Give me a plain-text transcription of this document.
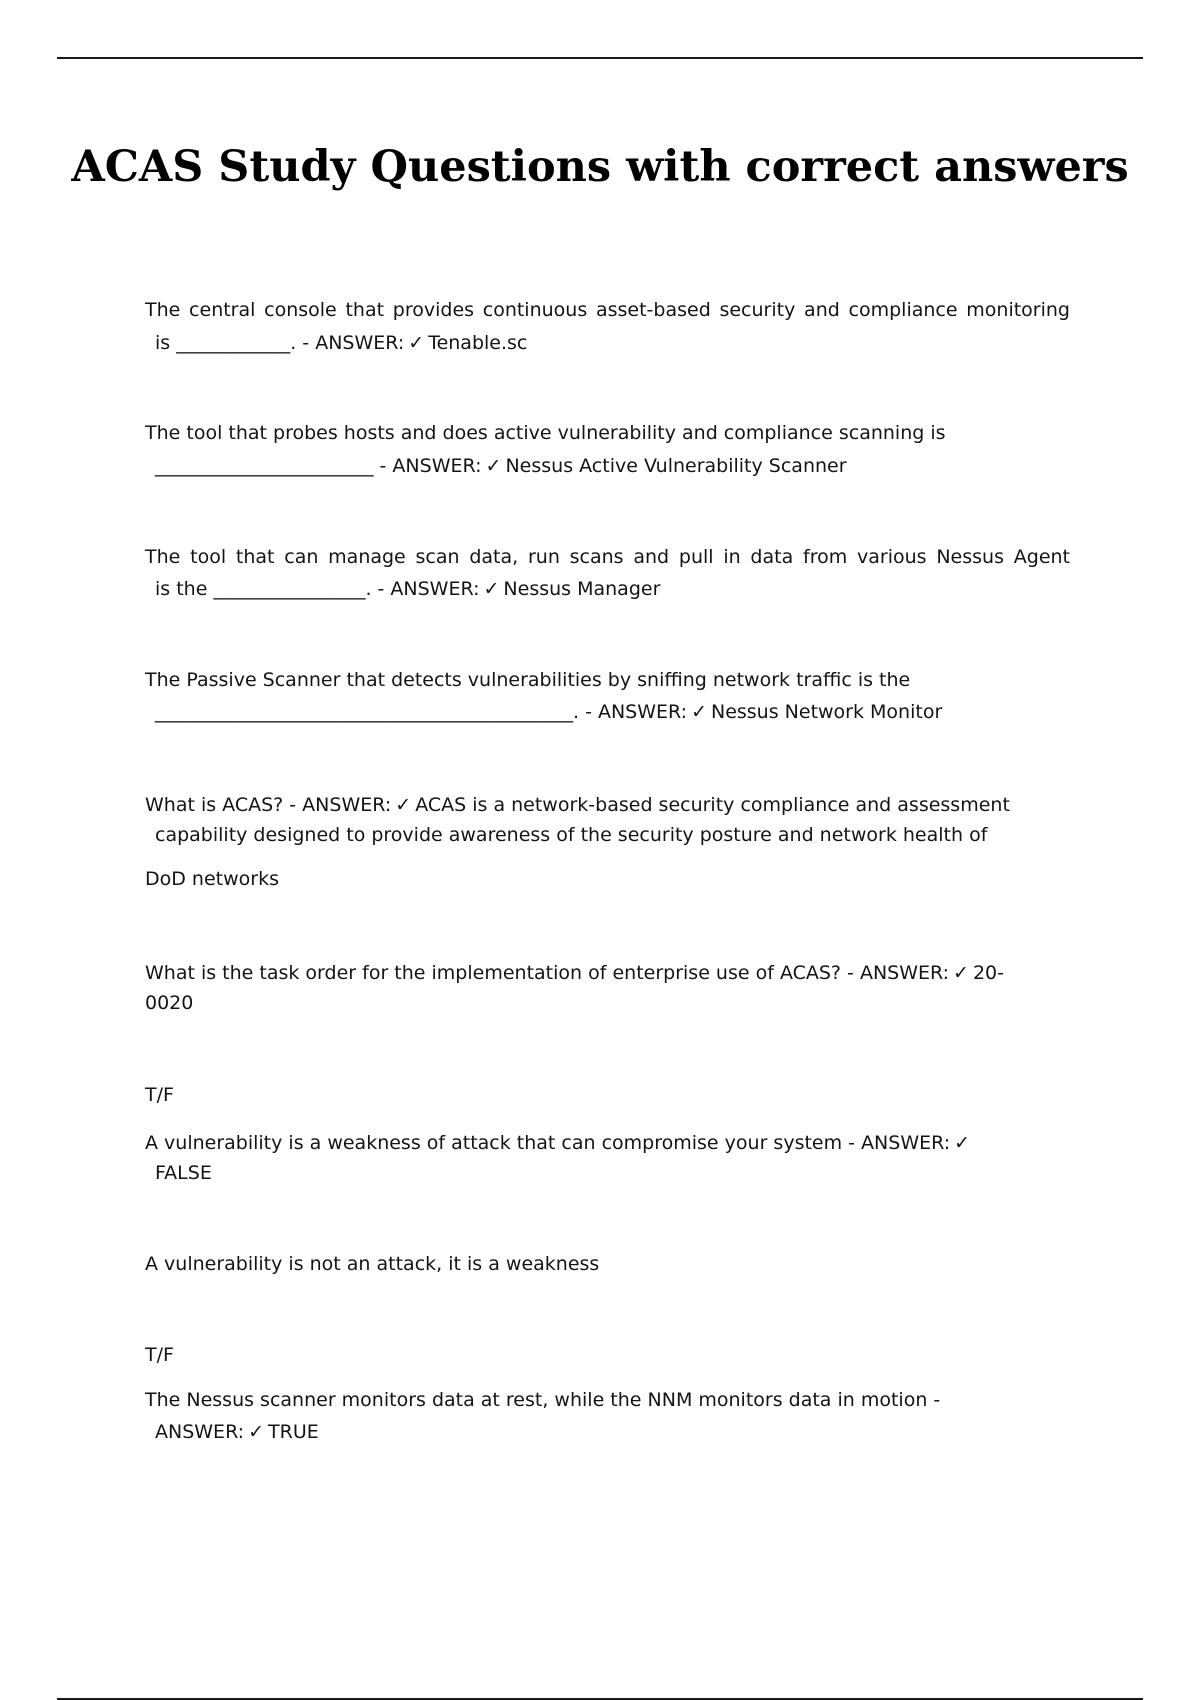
ACAS Study Questions with correct answers
The central console that provides continuous asset-based security and compliance monitoring
is ____________. - ANSWER: ✓ Tenable.sc
The tool that probes hosts and does active vulnerability and compliance scanning is
_______________________ - ANSWER: ✓ Nessus Active Vulnerability Scanner
The tool that can manage scan data, run scans and pull in data from various Nessus Agent
is the ________________. - ANSWER: ✓ Nessus Manager
The Passive Scanner that detects vulnerabilities by sniffing network traffic is the
____________________________________________. - ANSWER: ✓ Nessus Network Monitor
What is ACAS? - ANSWER: ✓ ACAS is a network-based security compliance and assessment
capability designed to provide awareness of the security posture and network health of
DoD networks
What is the task order for the implementation of enterprise use of ACAS? - ANSWER: ✓ 20-
0020
T/F
A vulnerability is a weakness of attack that can compromise your system - ANSWER: ✓
FALSE
A vulnerability is not an attack, it is a weakness
T/F
The Nessus scanner monitors data at rest, while the NNM monitors data in motion -
ANSWER: ✓ TRUE
